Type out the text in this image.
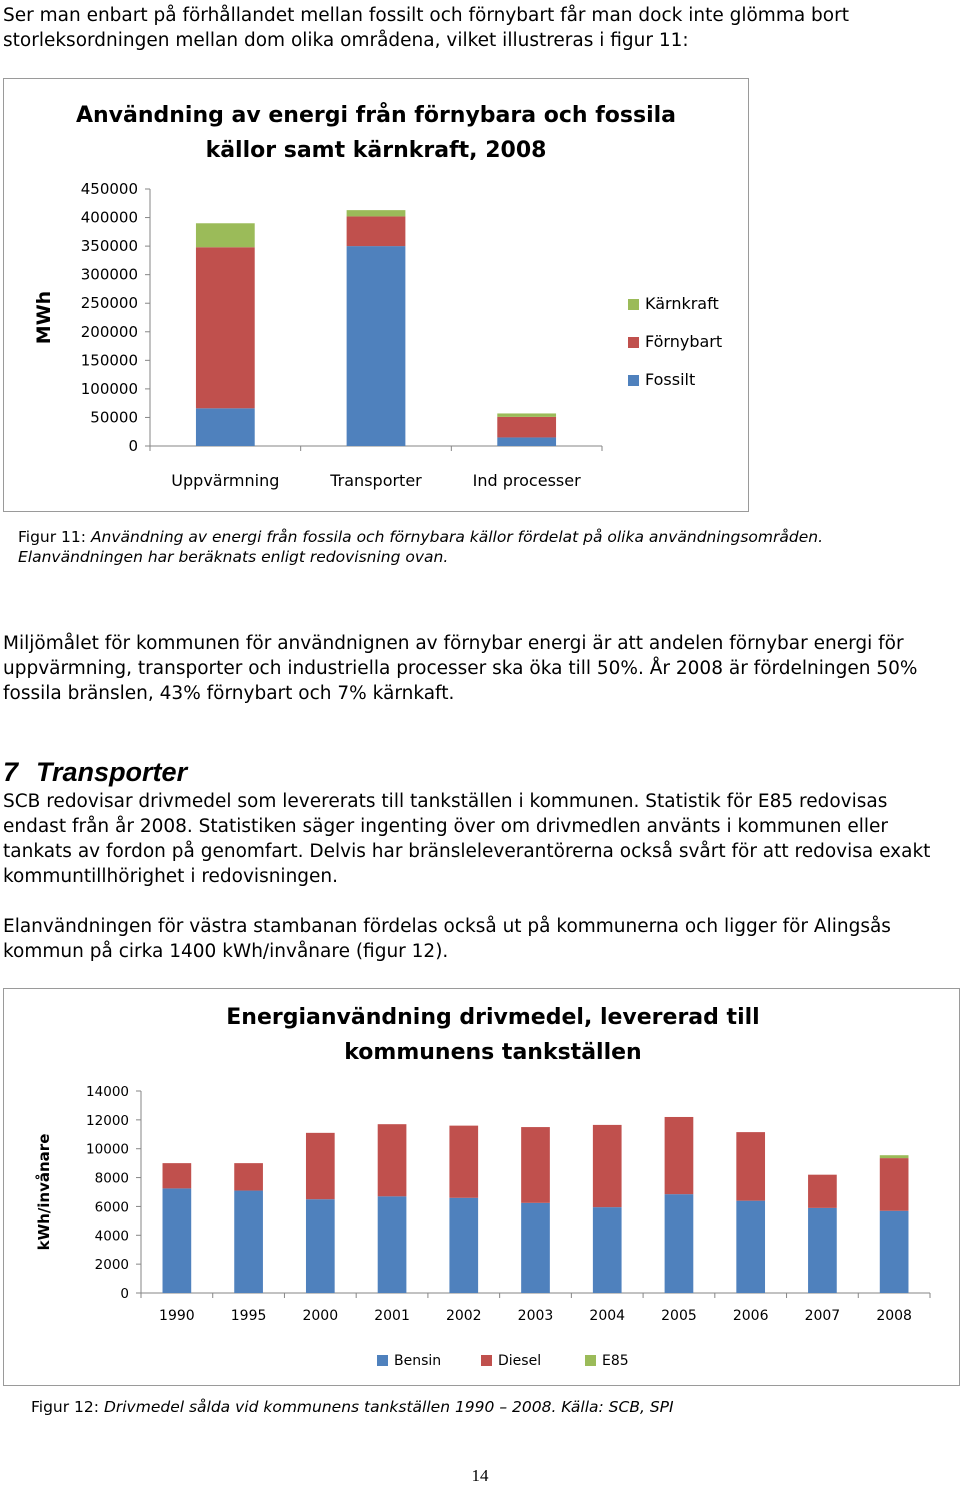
Ser man enbart på förhållandet mellan fossilt och förnybart får man dock inte glömma bort storleksordningen mellan dom olika områdena, vilket illustreras i figur 11:

Användning av energi från förnybara och fossila
källor samt kärnkraft, 2008
MWh
0
50000
100000
150000
200000
250000
300000
350000
400000
450000
Uppvärmning	Transporter	Ind processer
Kärnkraft
Förnybart
Fossilt

Figur 11: Användning av energi från fossila och förnybara källor fördelat på olika användningsområden. Elanvändningen har beräknats enligt redovisning ovan.

Miljömålet för kommunen för användnignen av förnybar energi är att andelen förnybar energi för uppvärmning, transporter och industriella processer ska öka till 50%. År 2008 är fördelningen 50% fossila bränslen, 43% förnybart och 7% kärnkaft.

7 Transporter

SCB redovisar drivmedel som levererats till tankställen i kommunen. Statistik för E85 redovisas endast från år 2008. Statistiken säger ingenting över om drivmedlen använts i kommunen eller tankats av fordon på genomfart. Delvis har bränsleleverantörerna också svårt för att redovisa exakt kommuntillhörighet i redovisningen.

Elanvändningen för västra stambanan fördelas också ut på kommunerna och ligger för Alingsås kommun på cirka 1400 kWh/invånare (figur 12).

Energianvändning drivmedel, levererad till
kommunens tankställen
kWh/invånare
0
2000
4000
6000
8000
10000
12000
14000
1990	1995	2000	2001	2002	2003	2004	2005	2006	2007	2008
Bensin	Diesel	E85

Figur 12: Drivmedel sålda vid kommunens tankställen 1990 – 2008. Källa: SCB, SPI

14
